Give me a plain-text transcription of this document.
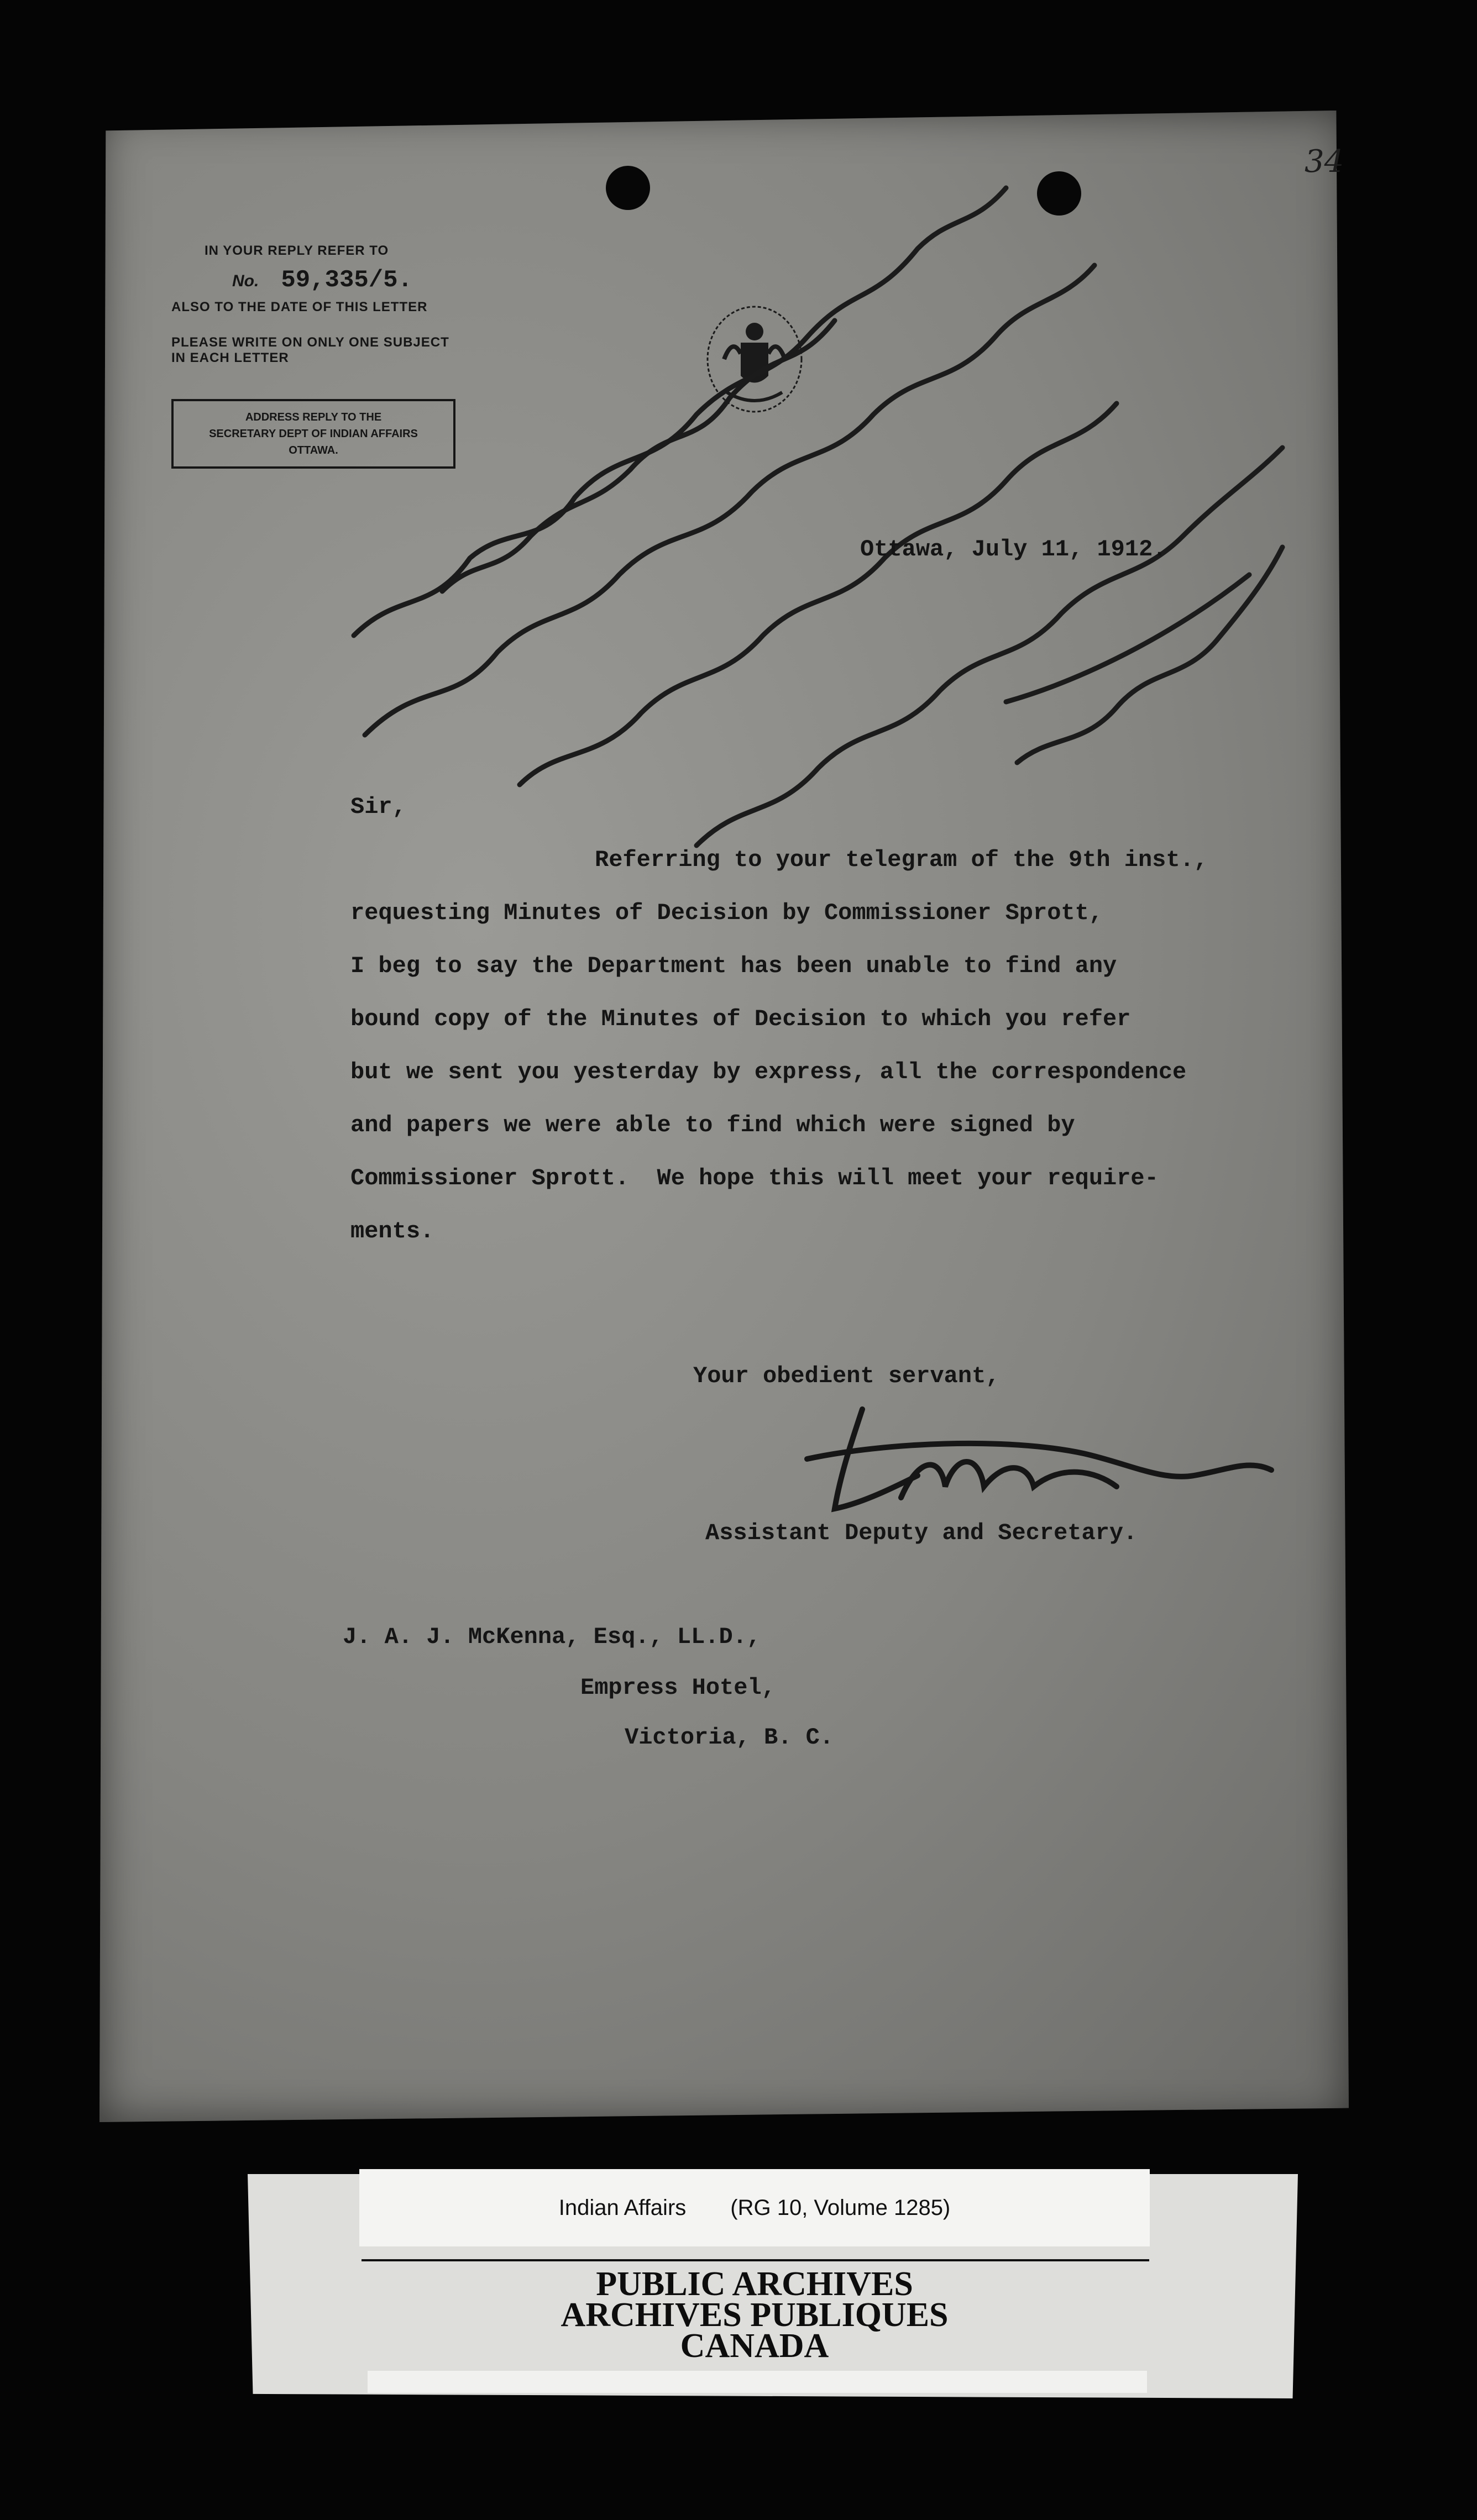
34
IN YOUR REPLY REFER TO
No. 59,335/5.
ALSO TO THE DATE OF THIS LETTER
PLEASE WRITE ON ONLY ONE SUBJECT
IN EACH LETTER
ADDRESS REPLY TO THE
SECRETARY DEPT OF INDIAN AFFAIRS
OTTAWA.
Ottawa, July 11, 1912.
Sir,
Referring to your telegram of the 9th inst.,
requesting Minutes of Decision by Commissioner Sprott,
I beg to say the Department has been unable to find any
bound copy of the Minutes of Decision to which you refer
but we sent you yesterday by express, all the correspondence
and papers we were able to find which were signed by
Commissioner Sprott.  We hope this will meet your require-
ments.
Your obedient servant,
Assistant Deputy and Secretary.
J. A. J. McKenna, Esq., LL.D.,
Empress Hotel,
Victoria, B. C.
Indian Affairs (RG 10, Volume 1285)
PUBLIC ARCHIVES
ARCHIVES PUBLIQUES
CANADA
